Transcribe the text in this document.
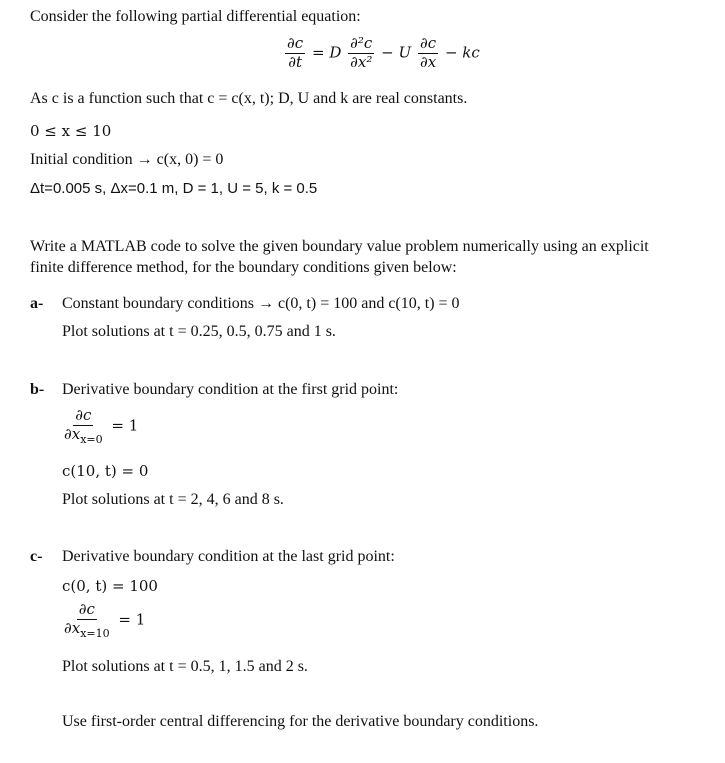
Consider the following partial differential equation:
$\frac{\partial c}{\partial t} = D \frac{\text{∂²c}}{\text{∂x²}} - U \frac{\partial c}{\partial x}$ − kc
As c is a function such that c = c(x, t); D, U and k are real constants.
0 ≤ x ≤ 10
Initial condition → c(x, 0) = 0
Δt=0.005 s, Δx=0.1 m, D = 1, U = 5, k = 0.5
Write a MATLAB code to solve the given boundary value problem numerically using an explicit
finite difference method, for the boundary conditions given below:
a- Constant boundary conditions → c(0, t) = 100 and c(10, t) = 0
Plot solutions at t = 0.25, 0.5, 0.75 and 1 s.
b- Derivative boundary condition at the first grid point:
$\frac{\partial c}{\partial x_{x=0}} = 1$
c(10, t) = 0
Plot solutions at t = 2, 4, 6 and 8 s.
c- Derivative boundary condition at the last grid point:
c(0, t) = 100
$\frac{\partial c}{\partial x_{x=10}} = 1$
Plot solutions at t = 0.5, 1, 1.5 and 2 s.
Use first-order central differencing for the derivative boundary conditions.
